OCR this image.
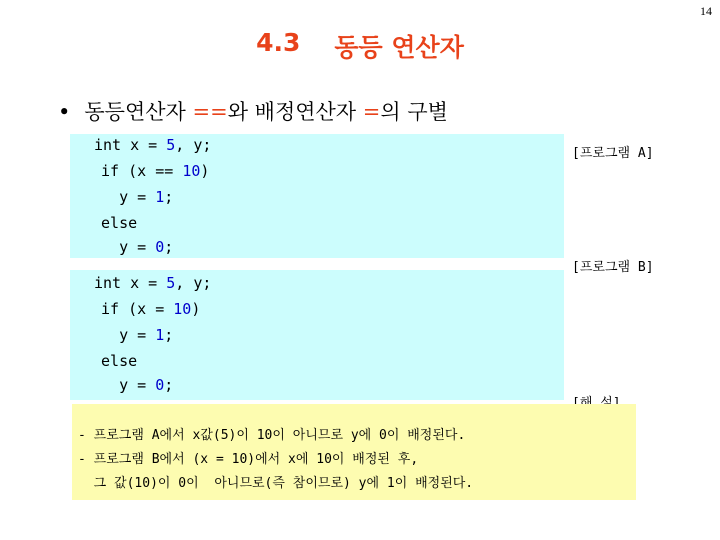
14
4.3 동등 연산자
• 동등연산자 ==와 배정연산자 =의 구별
int x = 5, y;
if (x == 10)
y = 1;
else
y = 0;
[프로그램 A]
int x = 5, y;
if (x = 10)
y = 1;
else
y = 0;
[프로그램 B]
- 프로그램 A에서 x값(5)이 10이 아니므로 y에 0이 배정된다.
- 프로그램 B에서 (x = 10)에서 x에 10이 배정된 후,
그 값(10)이 0이  아니므로(즉 참이므로) y에 1이 배정된다.
